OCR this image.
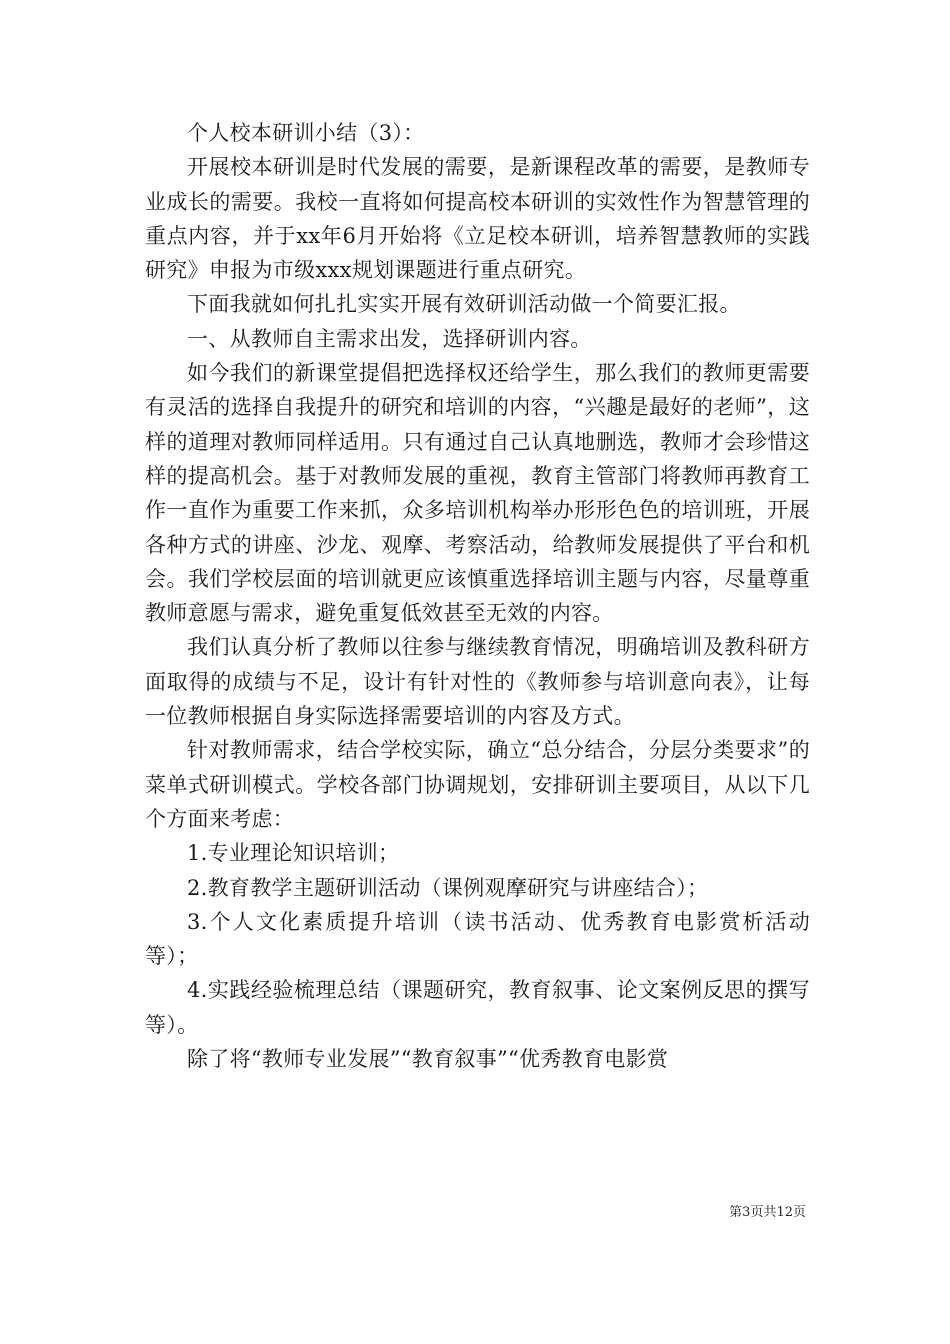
个人校本研训小结（3）：

开展校本研训是时代发展的需要，是新课程改革的需要，是教师专业成长的需要。我校一直将如何提高校本研训的实效性作为智慧管理的重点内容，并于xx年6月开始将《立足校本研训，培养智慧教师的实践研究》申报为市级xxx规划课题进行重点研究。

下面我就如何扎扎实实开展有效研训活动做一个简要汇报。

一、从教师自主需求出发，选择研训内容。

如今我们的新课堂提倡把选择权还给学生，那么我们的教师更需要有灵活的选择自我提升的研究和培训的内容，“兴趣是最好的老师”，这样的道理对教师同样适用。只有通过自己认真地删选，教师才会珍惜这样的提高机会。基于对教师发展的重视，教育主管部门将教师再教育工作一直作为重要工作来抓，众多培训机构举办形形色色的培训班，开展各种方式的讲座、沙龙、观摩、考察活动，给教师发展提供了平台和机会。我们学校层面的培训就更应该慎重选择培训主题与内容，尽量尊重教师意愿与需求，避免重复低效甚至无效的内容。

我们认真分析了教师以往参与继续教育情况，明确培训及教科研方面取得的成绩与不足，设计有针对性的《教师参与培训意向表》，让每一位教师根据自身实际选择需要培训的内容及方式。

针对教师需求，结合学校实际，确立“总分结合，分层分类要求”的菜单式研训模式。学校各部门协调规划，安排研训主要项目，从以下几个方面来考虑：

1.专业理论知识培训；

2.教育教学主题研训活动（课例观摩研究与讲座结合）；

3.个人文化素质提升培训（读书活动、优秀教育电影赏析活动等）；

4.实践经验梳理总结（课题研究，教育叙事、论文案例反思的撰写等）。

除了将“教师专业发展”“教育叙事”“优秀教育电影赏

第3页共12页
